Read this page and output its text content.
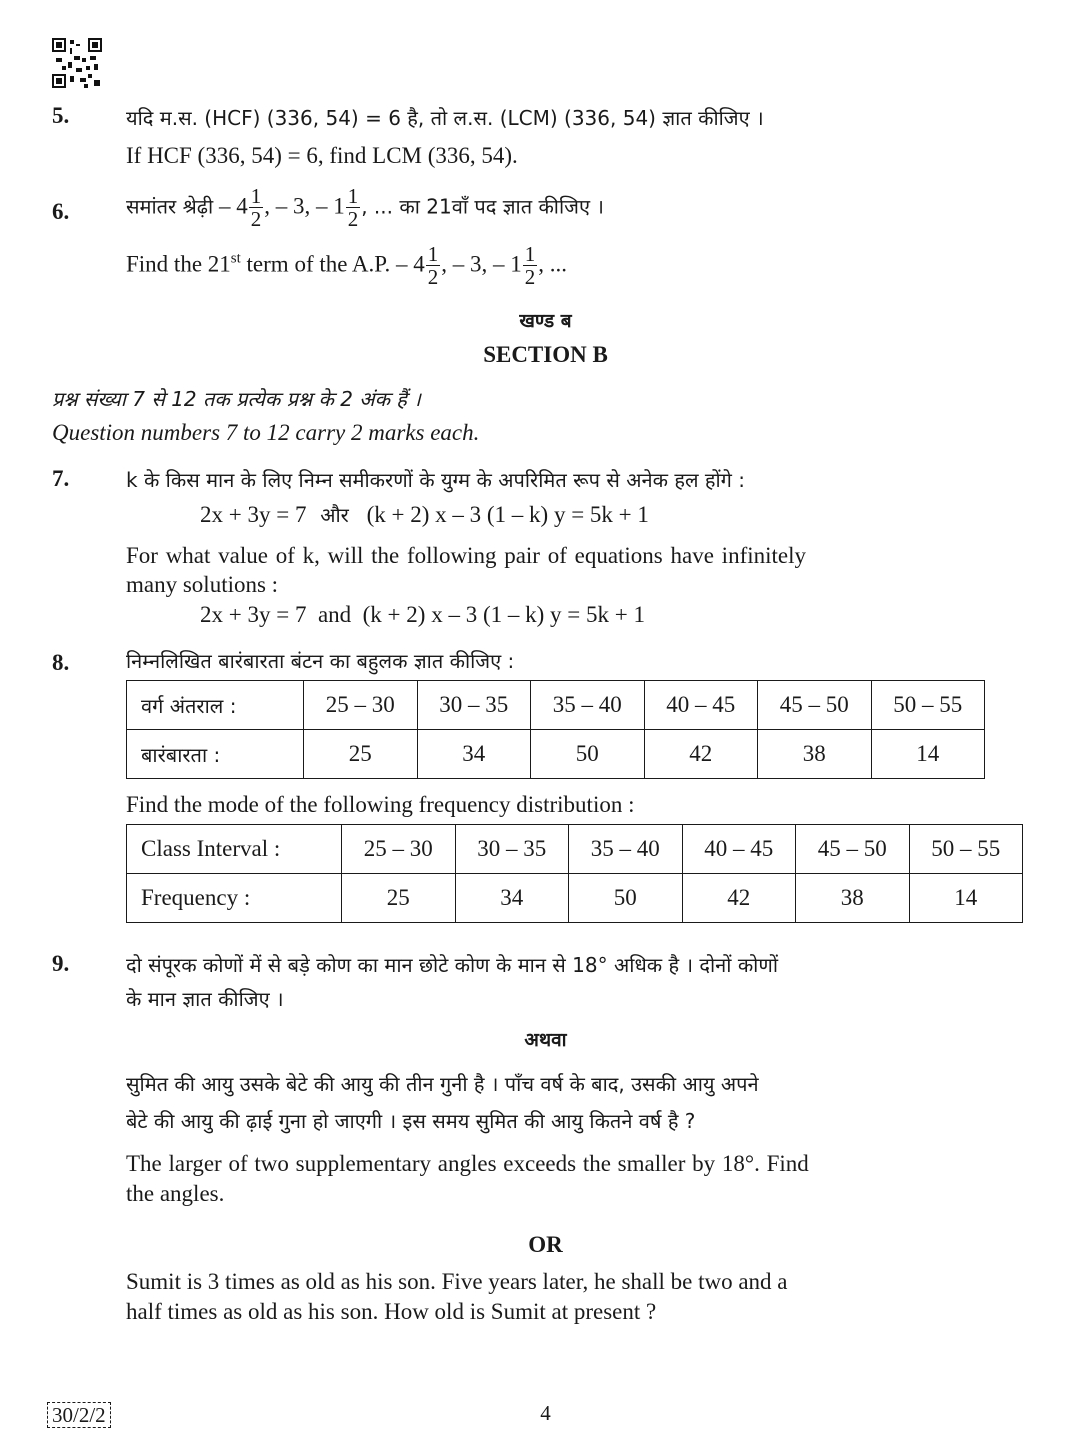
5.	यदि म.स. (HCF) (336, 54) = 6 है, तो ल.स. (LCM) (336, 54) ज्ञात कीजिए ।
If HCF (336, 54) = 6, find LCM (336, 54).
6.	समांतर श्रेढ़ी – $4 \frac{1}{2}$ , – 3, – $1 \frac{1}{2}$ , ... का 21वाँ पद ज्ञात कीजिए ।
Find the 21st term of the A.P. – $4 \frac{1}{2}$ , – 3, – $1 \frac{1}{2}$ , ...
खण्ड ब
SECTION B
प्रश्न संख्या 7 से 12 तक प्रत्येक प्रश्न के 2 अंक हैं ।
Question numbers 7 to 12 carry 2 marks each.
7.	k के किस मान के लिए निम्न समीकरणों के युग्म के अपरिमित रूप से अनेक हल होंगे :
2x + 3y = 7 और (k + 2) x – 3 (1 – k) y = 5k + 1
For what value of k, will the following pair of equations have infinitely
many solutions :
2x + 3y = 7  and  (k + 2) x – 3 (1 – k) y = 5k + 1
8.	निम्नलिखित बारंबारता बंटन का बहुलक ज्ञात कीजिए :
वर्ग अंतराल :	25 – 30	30 – 35	35 – 40	40 – 45	45 – 50	50 – 55
बारंबारता :	25	34	50	42	38	14
Find the mode of the following frequency distribution :
Class Interval :	25 – 30	30 – 35	35 – 40	40 – 45	45 – 50	50 – 55
Frequency :	25	34	50	42	38	14
9.	दो संपूरक कोणों में से बड़े कोण का मान छोटे कोण के मान से 18° अधिक है । दोनों कोणों
के मान ज्ञात कीजिए ।
अथवा
सुमित की आयु उसके बेटे की आयु की तीन गुनी है । पाँच वर्ष के बाद, उसकी आयु अपने
बेटे की आयु की ढ़ाई गुना हो जाएगी । इस समय सुमित की आयु कितने वर्ष है ?
The larger of two supplementary angles exceeds the smaller by 18°. Find
the angles.
OR
Sumit is 3 times as old as his son. Five years later, he shall be two and a
half times as old as his son. How old is Sumit at present ?
30/2/2	4
